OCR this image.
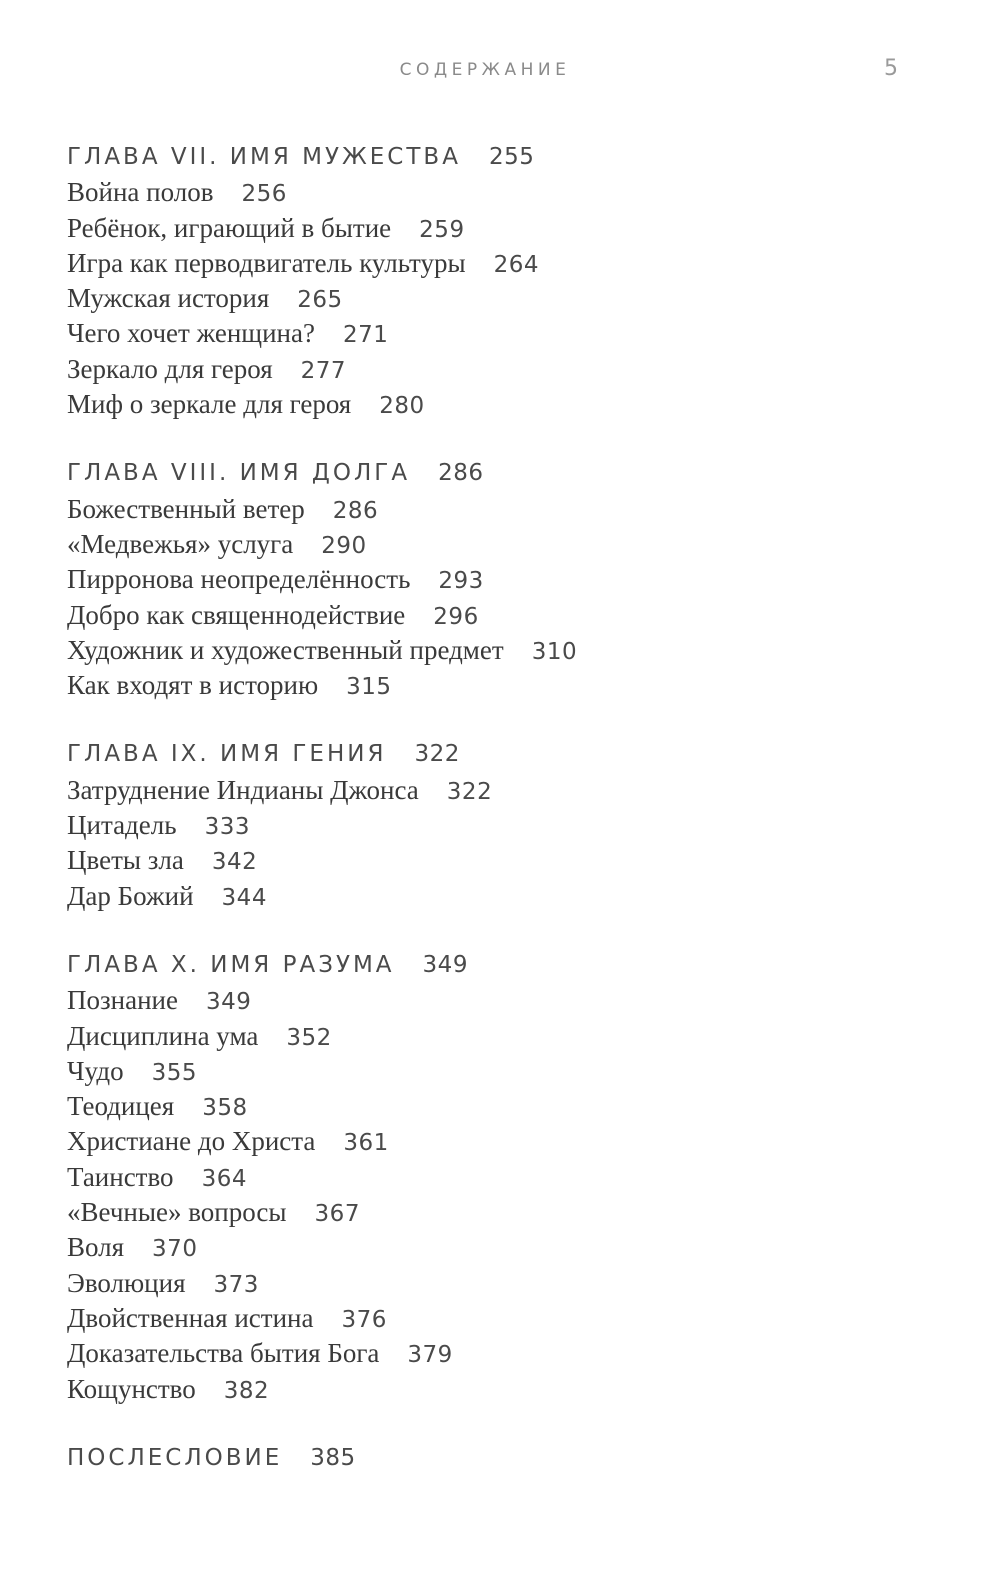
СОДЕРЖАНИЕ	5
ГЛАВА VII. ИМЯ МУЖЕСТВА 255
Война полов 256
Ребёнок, играющий в бытие 259
Игра как перводвигатель культуры 264
Мужская история 265
Чего хочет женщина? 271
Зеркало для героя 277
Миф о зеркале для героя 280
ГЛАВА VIII. ИМЯ ДОЛГА 286
Божественный ветер 286
«Медвежья» услуга 290
Пирронова неопределённость 293
Добро как священнодействие 296
Художник и художественный предмет 310
Как входят в историю 315
ГЛАВА IX. ИМЯ ГЕНИЯ 322
Затруднение Индианы Джонса 322
Цитадель 333
Цветы зла 342
Дар Божий 344
ГЛАВА X. ИМЯ РАЗУМА 349
Познание 349
Дисциплина ума 352
Чудо 355
Теодицея 358
Христиане до Христа 361
Таинство 364
«Вечные» вопросы 367
Воля 370
Эволюция 373
Двойственная истина 376
Доказательства бытия Бога 379
Кощунство 382
ПОСЛЕСЛОВИЕ 385
